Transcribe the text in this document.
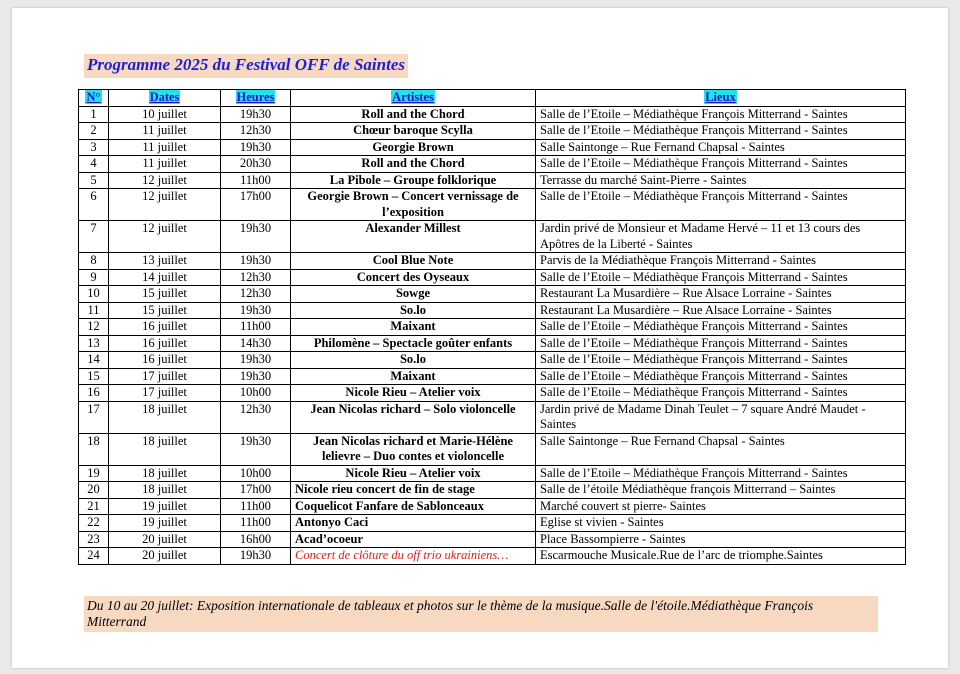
Programme 2025 du Festival OFF de Saintes
N°	Dates	Heures	Artistes	Lieux
1	10 juillet	19h30	Roll and the Chord	Salle de l’Etoile – Médiathèque François Mitterrand - Saintes
2	11 juillet	12h30	Chœur baroque Scylla	Salle de l’Etoile – Médiathèque François Mitterrand - Saintes
3	11 juillet	19h30	Georgie Brown	Salle Saintonge – Rue Fernand Chapsal - Saintes
4	11 juillet	20h30	Roll and the Chord	Salle de l’Etoile – Médiathèque François Mitterrand - Saintes
5	12 juillet	11h00	La Pibole – Groupe folklorique	Terrasse du marché Saint-Pierre - Saintes
6	12 juillet	17h00	Georgie Brown – Concert vernissage de l’exposition	Salle de l’Etoile – Médiathèque François Mitterrand - Saintes
7	12 juillet	19h30	Alexander Millest	Jardin privé de Monsieur et Madame Hervé – 11 et 13 cours des Apôtres de la Liberté - Saintes
8	13 juillet	19h30	Cool Blue Note	Parvis de la Médiathèque François Mitterrand - Saintes
9	14 juillet	12h30	Concert des Oyseaux	Salle de l’Etoile – Médiathèque François Mitterrand - Saintes
10	15 juillet	12h30	Sowge	Restaurant La Musardière – Rue Alsace Lorraine - Saintes
11	15 juillet	19h30	So.lo	Restaurant La Musardière – Rue Alsace Lorraine - Saintes
12	16 juillet	11h00	Maixant	Salle de l’Etoile – Médiathèque François Mitterrand - Saintes
13	16 juillet	14h30	Philomène – Spectacle goûter enfants	Salle de l’Etoile – Médiathèque François Mitterrand - Saintes
14	16 juillet	19h30	So.lo	Salle de l’Etoile – Médiathèque François Mitterrand - Saintes
15	17 juillet	19h30	Maixant	Salle de l’Etoile – Médiathèque François Mitterrand - Saintes
16	17 juillet	10h00	Nicole Rieu – Atelier voix	Salle de l’Etoile – Médiathèque François Mitterrand - Saintes
17	18 juillet	12h30	Jean Nicolas richard – Solo violoncelle	Jardin privé de Madame Dinah Teulet – 7 square André Maudet - Saintes
18	18 juillet	19h30	Jean Nicolas richard et Marie-Hélène lelievre – Duo contes et violoncelle	Salle Saintonge – Rue Fernand Chapsal - Saintes
19	18 juillet	10h00	Nicole Rieu – Atelier voix	Salle de l’Etoile – Médiathèque François Mitterrand - Saintes
20	18 juillet	17h00	Nicole rieu concert de fin de stage	Salle de l’étoile Médiathèque françois Mitterrand – Saintes
21	19 juillet	11h00	Coquelicot Fanfare de Sablonceaux	Marché couvert st pierre- Saintes
22	19 juillet	11h00	Antonyo Caci	Eglise st vivien - Saintes
23	20 juillet	16h00	Acad’ocoeur	Place Bassompierre - Saintes
24	20 juillet	19h30	Concert de clôture du off trio ukrainiens…	Escarmouche Musicale.Rue de l’arc de triomphe.Saintes
Du 10 au 20 juillet: Exposition internationale de tableaux et photos sur le thème de la musique.Salle de l'étoile.Médiathèque François Mitterrand
